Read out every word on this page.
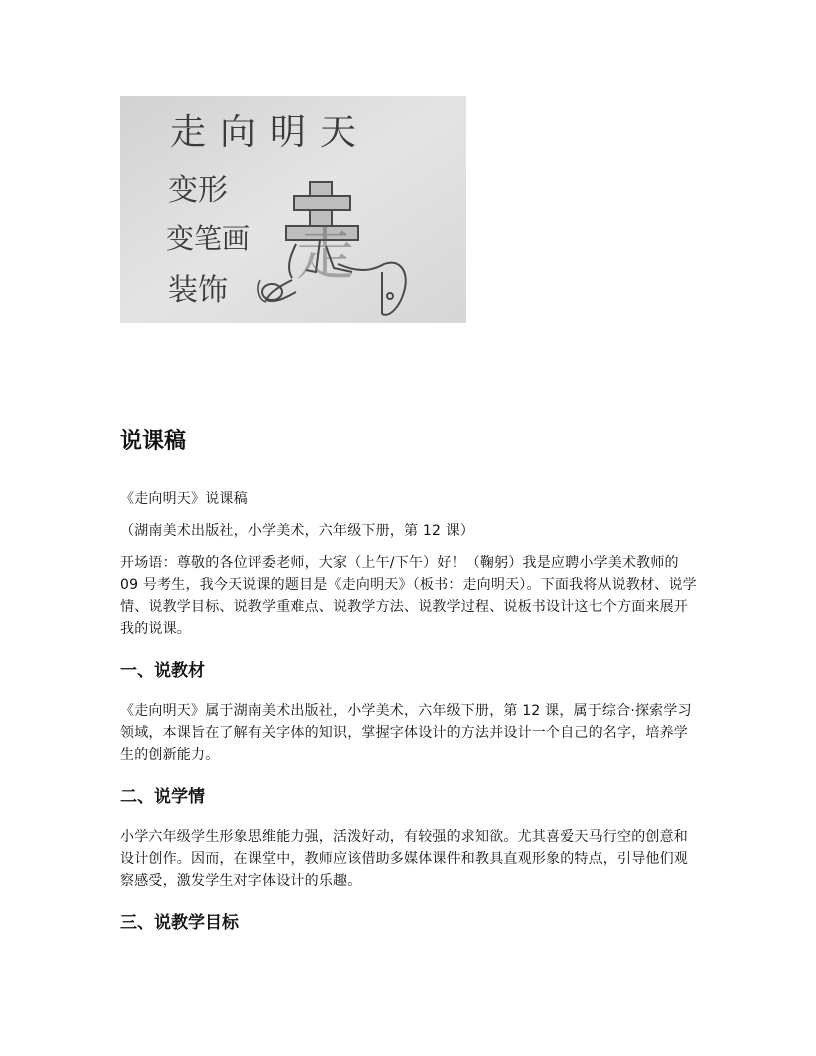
走向明天
变形
变笔画
装饰
走
说课稿

《走向明天》说课稿

（湖南美术出版社，小学美术，六年级下册，第 12 课）

开场语：尊敬的各位评委老师，大家（上午/下午）好！（鞠躬）我是应聘小学美术教师的 09 号考生，我今天说课的题目是《走向明天》（板书：走向明天）。下面我将从说教材、说学情、说教学目标、说教学重难点、说教学方法、说教学过程、说板书设计这七个方面来展开我的说课。

一、说教材

《走向明天》属于湖南美术出版社，小学美术，六年级下册，第 12 课，属于综合·探索学习领域，本课旨在了解有关字体的知识，掌握字体设计的方法并设计一个自己的名字，培养学生的创新能力。

二、说学情

小学六年级学生形象思维能力强，活泼好动，有较强的求知欲。尤其喜爱天马行空的创意和设计创作。因而，在课堂中，教师应该借助多媒体课件和教具直观形象的特点，引导他们观察感受，激发学生对字体设计的乐趣。

三、说教学目标
